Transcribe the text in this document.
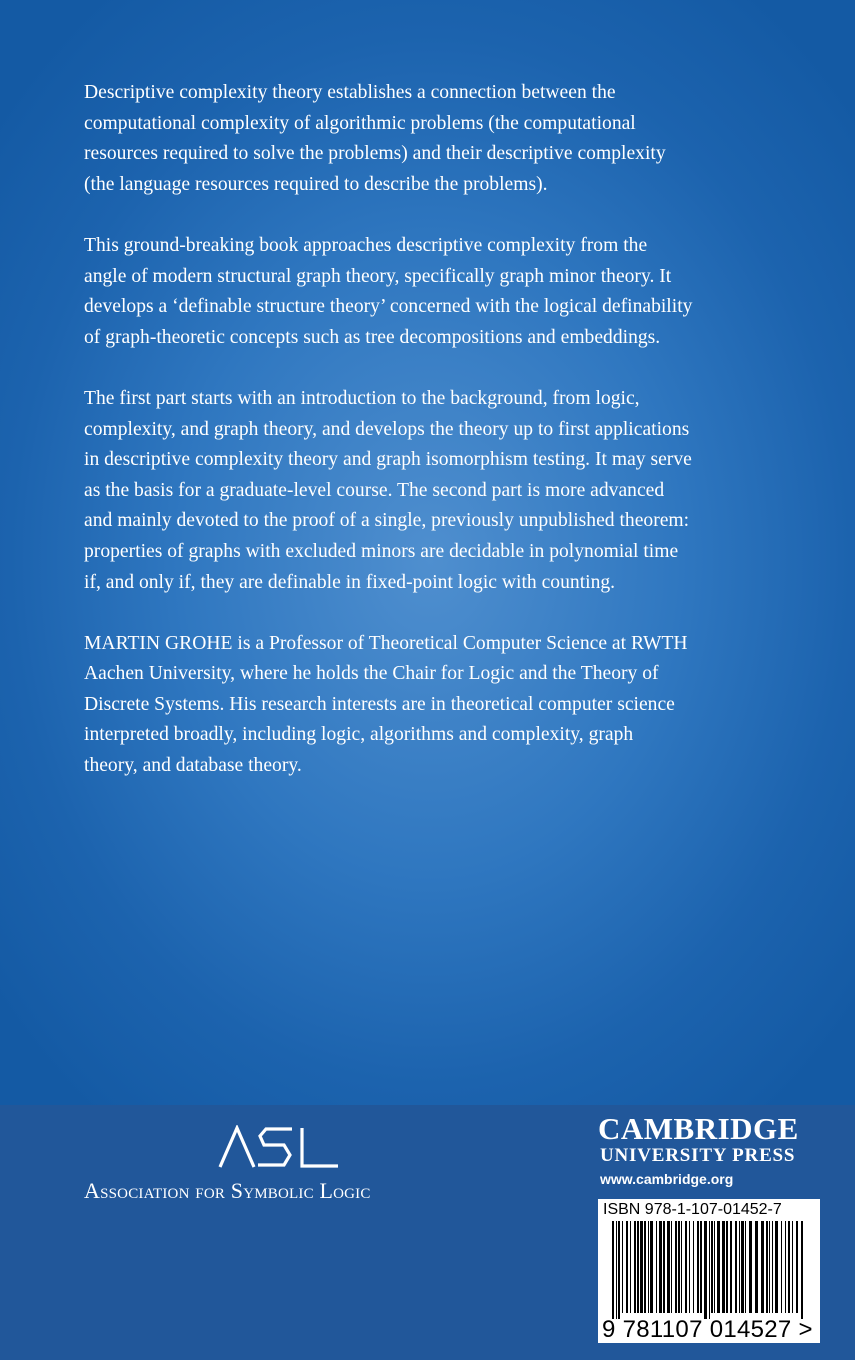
Descriptive complexity theory establishes a connection between the
computational complexity of algorithmic problems (the computational
resources required to solve the problems) and their descriptive complexity
(the language resources required to describe the problems).

This ground-breaking book approaches descriptive complexity from the
angle of modern structural graph theory, specifically graph minor theory. It
develops a ‘definable structure theory’ concerned with the logical definability
of graph-theoretic concepts such as tree decompositions and embeddings.

The first part starts with an introduction to the background, from logic,
complexity, and graph theory, and develops the theory up to first applications
in descriptive complexity theory and graph isomorphism testing. It may serve
as the basis for a graduate-level course. The second part is more advanced
and mainly devoted to the proof of a single, previously unpublished theorem:
properties of graphs with excluded minors are decidable in polynomial time
if, and only if, they are definable in fixed-point logic with counting.

MARTIN GROHE is a Professor of Theoretical Computer Science at RWTH
Aachen University, where he holds the Chair for Logic and the Theory of
Discrete Systems. His research interests are in theoretical computer science
interpreted broadly, including logic, algorithms and complexity, graph
theory, and database theory.

Association for Symbolic Logic
CAMBRIDGE
UNIVERSITY PRESS
www.cambridge.org
ISBN 978-1-107-01452-7
9 781107 014527 >
